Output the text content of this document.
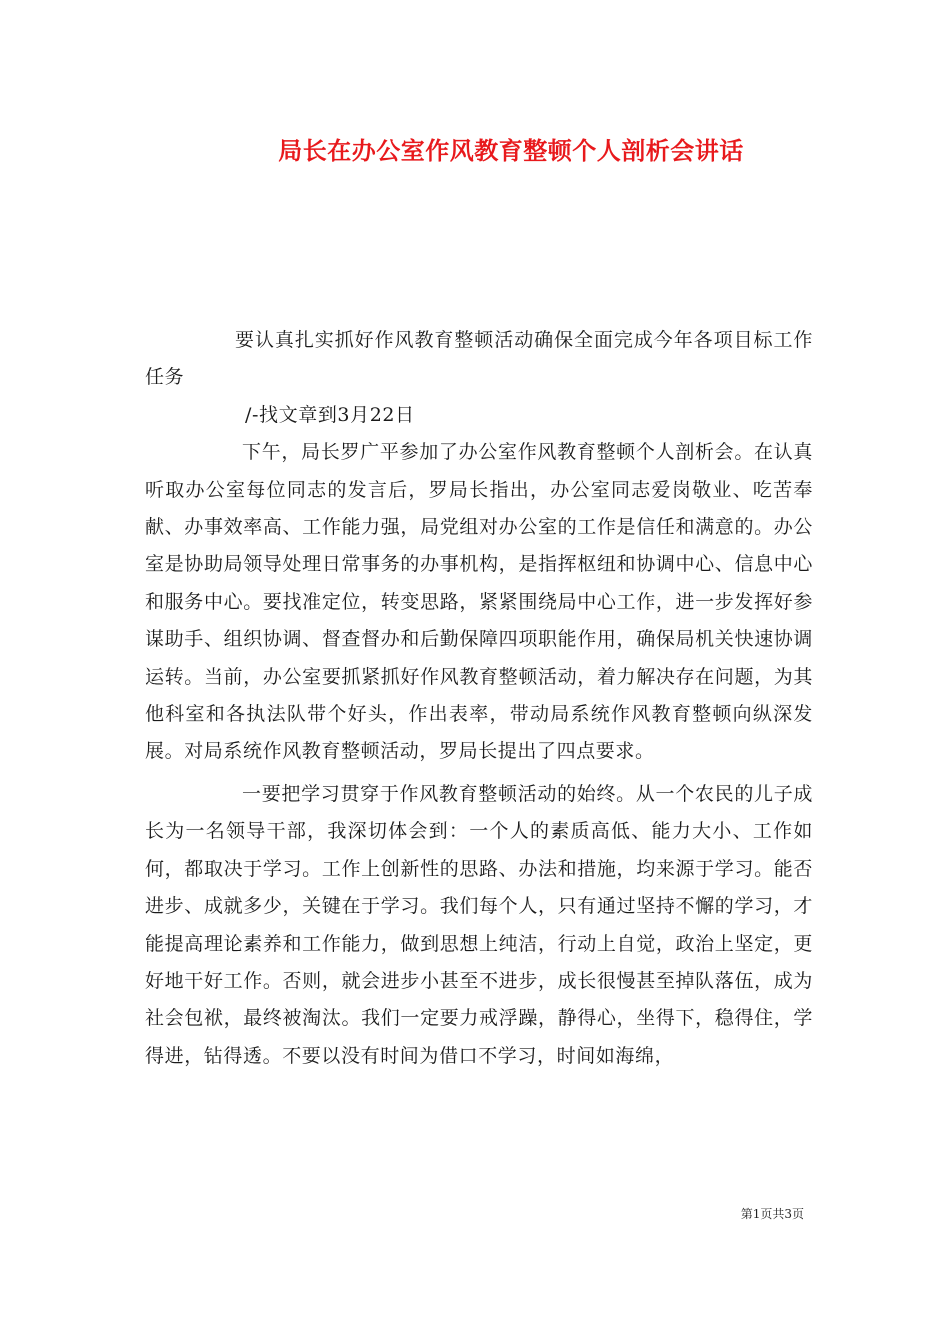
局长在办公室作风教育整顿个人剖析会讲话

要认真扎实抓好作风教育整顿活动确保全面完成今年各项目标工作任务

/-找文章到3月22日

下午，局长罗广平参加了办公室作风教育整顿个人剖析会。在认真听取办公室每位同志的发言后，罗局长指出，办公室同志爱岗敬业、吃苦奉献、办事效率高、工作能力强，局党组对办公室的工作是信任和满意的。办公室是协助局领导处理日常事务的办事机构，是指挥枢纽和协调中心、信息中心和服务中心。要找准定位，转变思路，紧紧围绕局中心工作，进一步发挥好参谋助手、组织协调、督查督办和后勤保障四项职能作用，确保局机关快速协调运转。当前，办公室要抓紧抓好作风教育整顿活动，着力解决存在问题，为其他科室和各执法队带个好头，作出表率，带动局系统作风教育整顿向纵深发展。对局系统作风教育整顿活动，罗局长提出了四点要求。

一要把学习贯穿于作风教育整顿活动的始终。从一个农民的儿子成长为一名领导干部，我深切体会到：一个人的素质高低、能力大小、工作如何，都取决于学习。工作上创新性的思路、办法和措施，均来源于学习。能否进步、成就多少，关键在于学习。我们每个人，只有通过坚持不懈的学习，才能提高理论素养和工作能力，做到思想上纯洁，行动上自觉，政治上坚定，更好地干好工作。否则，就会进步小甚至不进步，成长很慢甚至掉队落伍，成为社会包袱，最终被淘汰。我们一定要力戒浮躁，静得心，坐得下，稳得住，学得进，钻得透。不要以没有时间为借口不学习，时间如海绵，

第1页共3页
